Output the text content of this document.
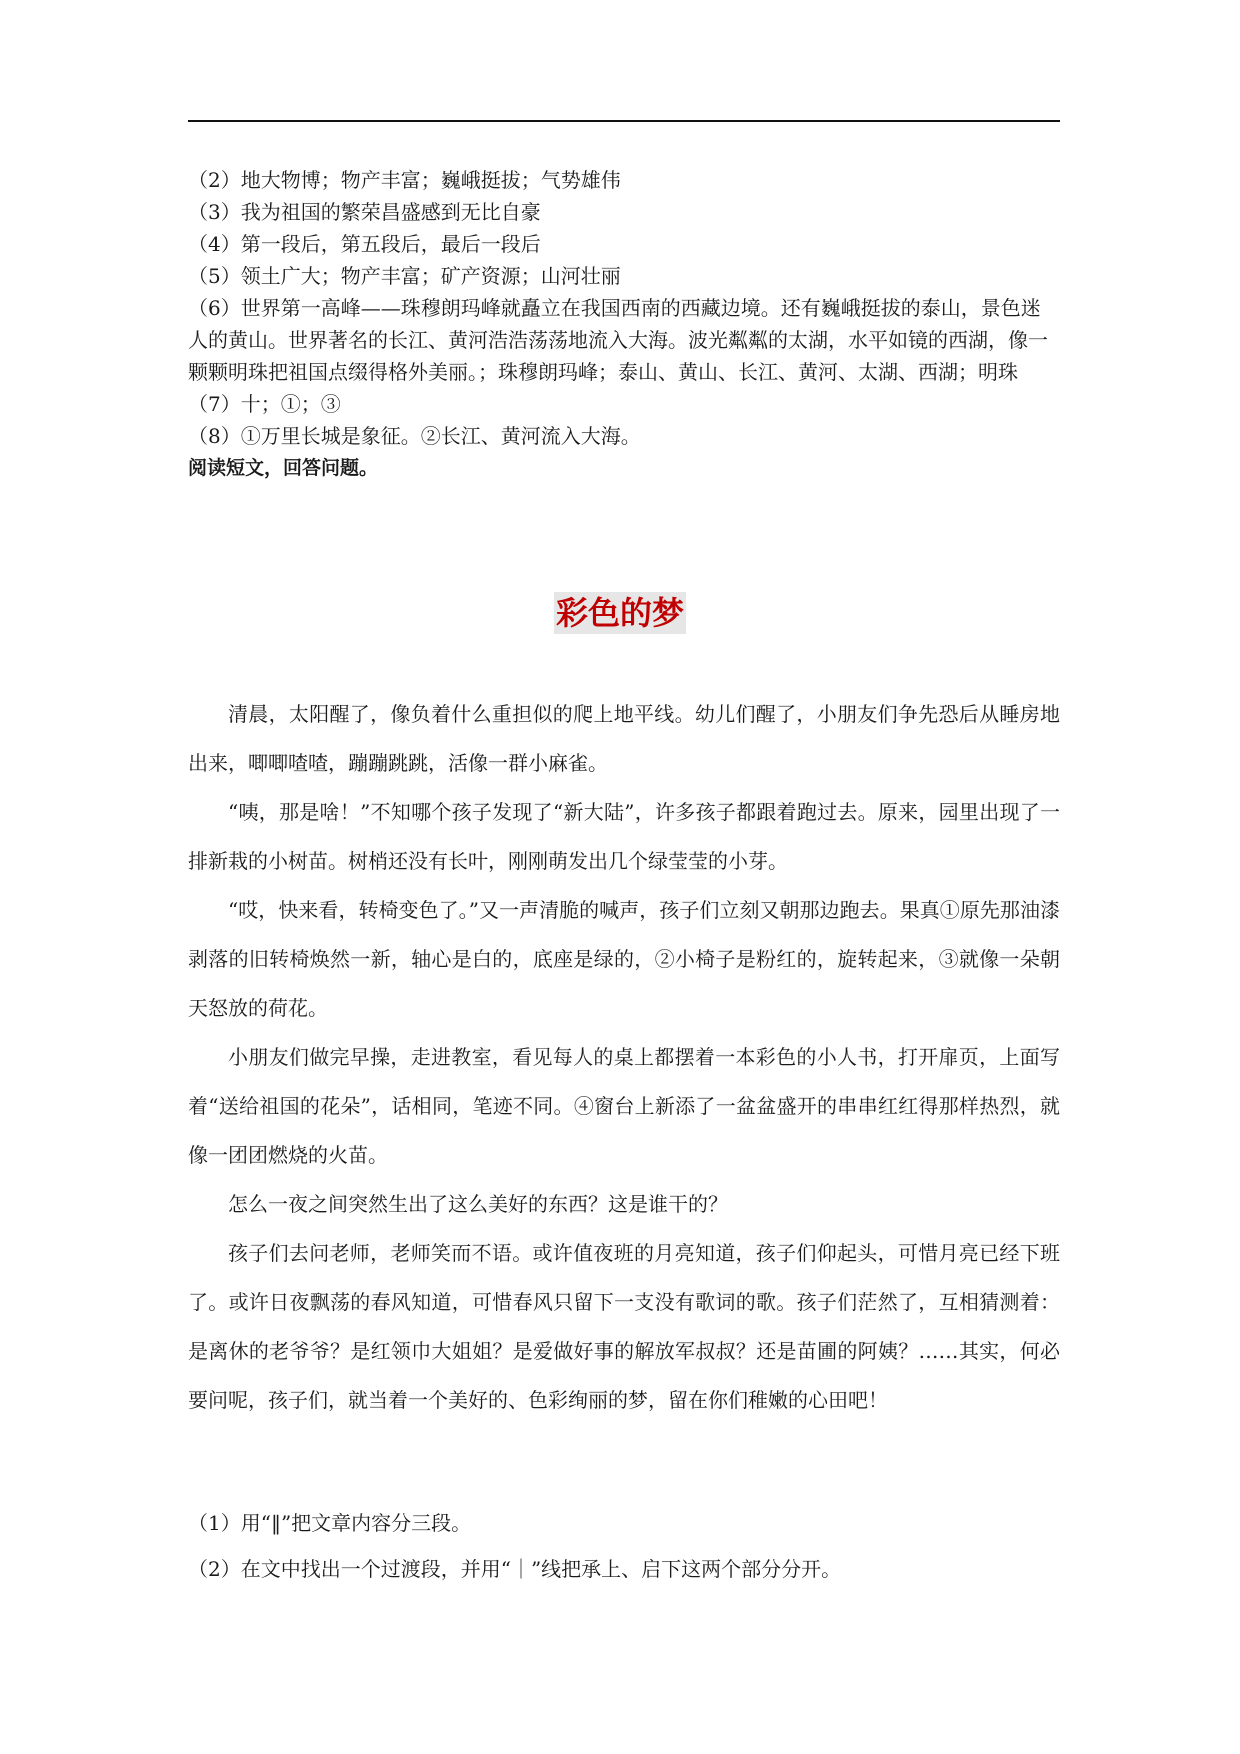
（2）地大物博；物产丰富；巍峨挺拔；气势雄伟
（3）我为祖国的繁荣昌盛感到无比自豪
（4）第一段后，第五段后，最后一段后
（5）领土广大；物产丰富；矿产资源；山河壮丽
（6）世界第一高峰——珠穆朗玛峰就矗立在我国西南的西藏边境。还有巍峨挺拔的泰山，景色迷人的黄山。世界著名的长江、黄河浩浩荡荡地流入大海。波光粼粼的太湖，水平如镜的西湖，像一颗颗明珠把祖国点缀得格外美丽。；珠穆朗玛峰；泰山、黄山、长江、黄河、太湖、西湖；明珠
（7）十；①；③
（8）①万里长城是象征。②长江、黄河流入大海。
阅读短文，回答问题。
彩色的梦

清晨，太阳醒了，像负着什么重担似的爬上地平线。幼儿们醒了，小朋友们争先恐后从睡房地出来，唧唧喳喳，蹦蹦跳跳，活像一群小麻雀。

“咦，那是啥！”不知哪个孩子发现了“新大陆”，许多孩子都跟着跑过去。原来，园里出现了一排新栽的小树苗。树梢还没有长叶，刚刚萌发出几个绿莹莹的小芽。

“哎，快来看，转椅变色了。”又一声清脆的喊声，孩子们立刻又朝那边跑去。果真①原先那油漆剥落的旧转椅焕然一新，轴心是白的，底座是绿的，②小椅子是粉红的，旋转起来，③就像一朵朝天怒放的荷花。

小朋友们做完早操，走进教室，看见每人的桌上都摆着一本彩色的小人书，打开扉页，上面写着“送给祖国的花朵”，话相同，笔迹不同。④窗台上新添了一盆盆盛开的串串红红得那样热烈，就像一团团燃烧的火苗。

怎么一夜之间突然生出了这么美好的东西？这是谁干的？

孩子们去问老师，老师笑而不语。或许值夜班的月亮知道，孩子们仰起头，可惜月亮已经下班了。或许日夜飘荡的春风知道，可惜春风只留下一支没有歌词的歌。孩子们茫然了，互相猜测着：是离休的老爷爷？是红领巾大姐姐？是爱做好事的解放军叔叔？还是苗圃的阿姨？……其实，何必要问呢，孩子们，就当着一个美好的、色彩绚丽的梦，留在你们稚嫩的心田吧！

（1）用“‖”把文章内容分三段。
（2）在文中找出一个过渡段，并用“｜”线把承上、启下这两个部分分开。
